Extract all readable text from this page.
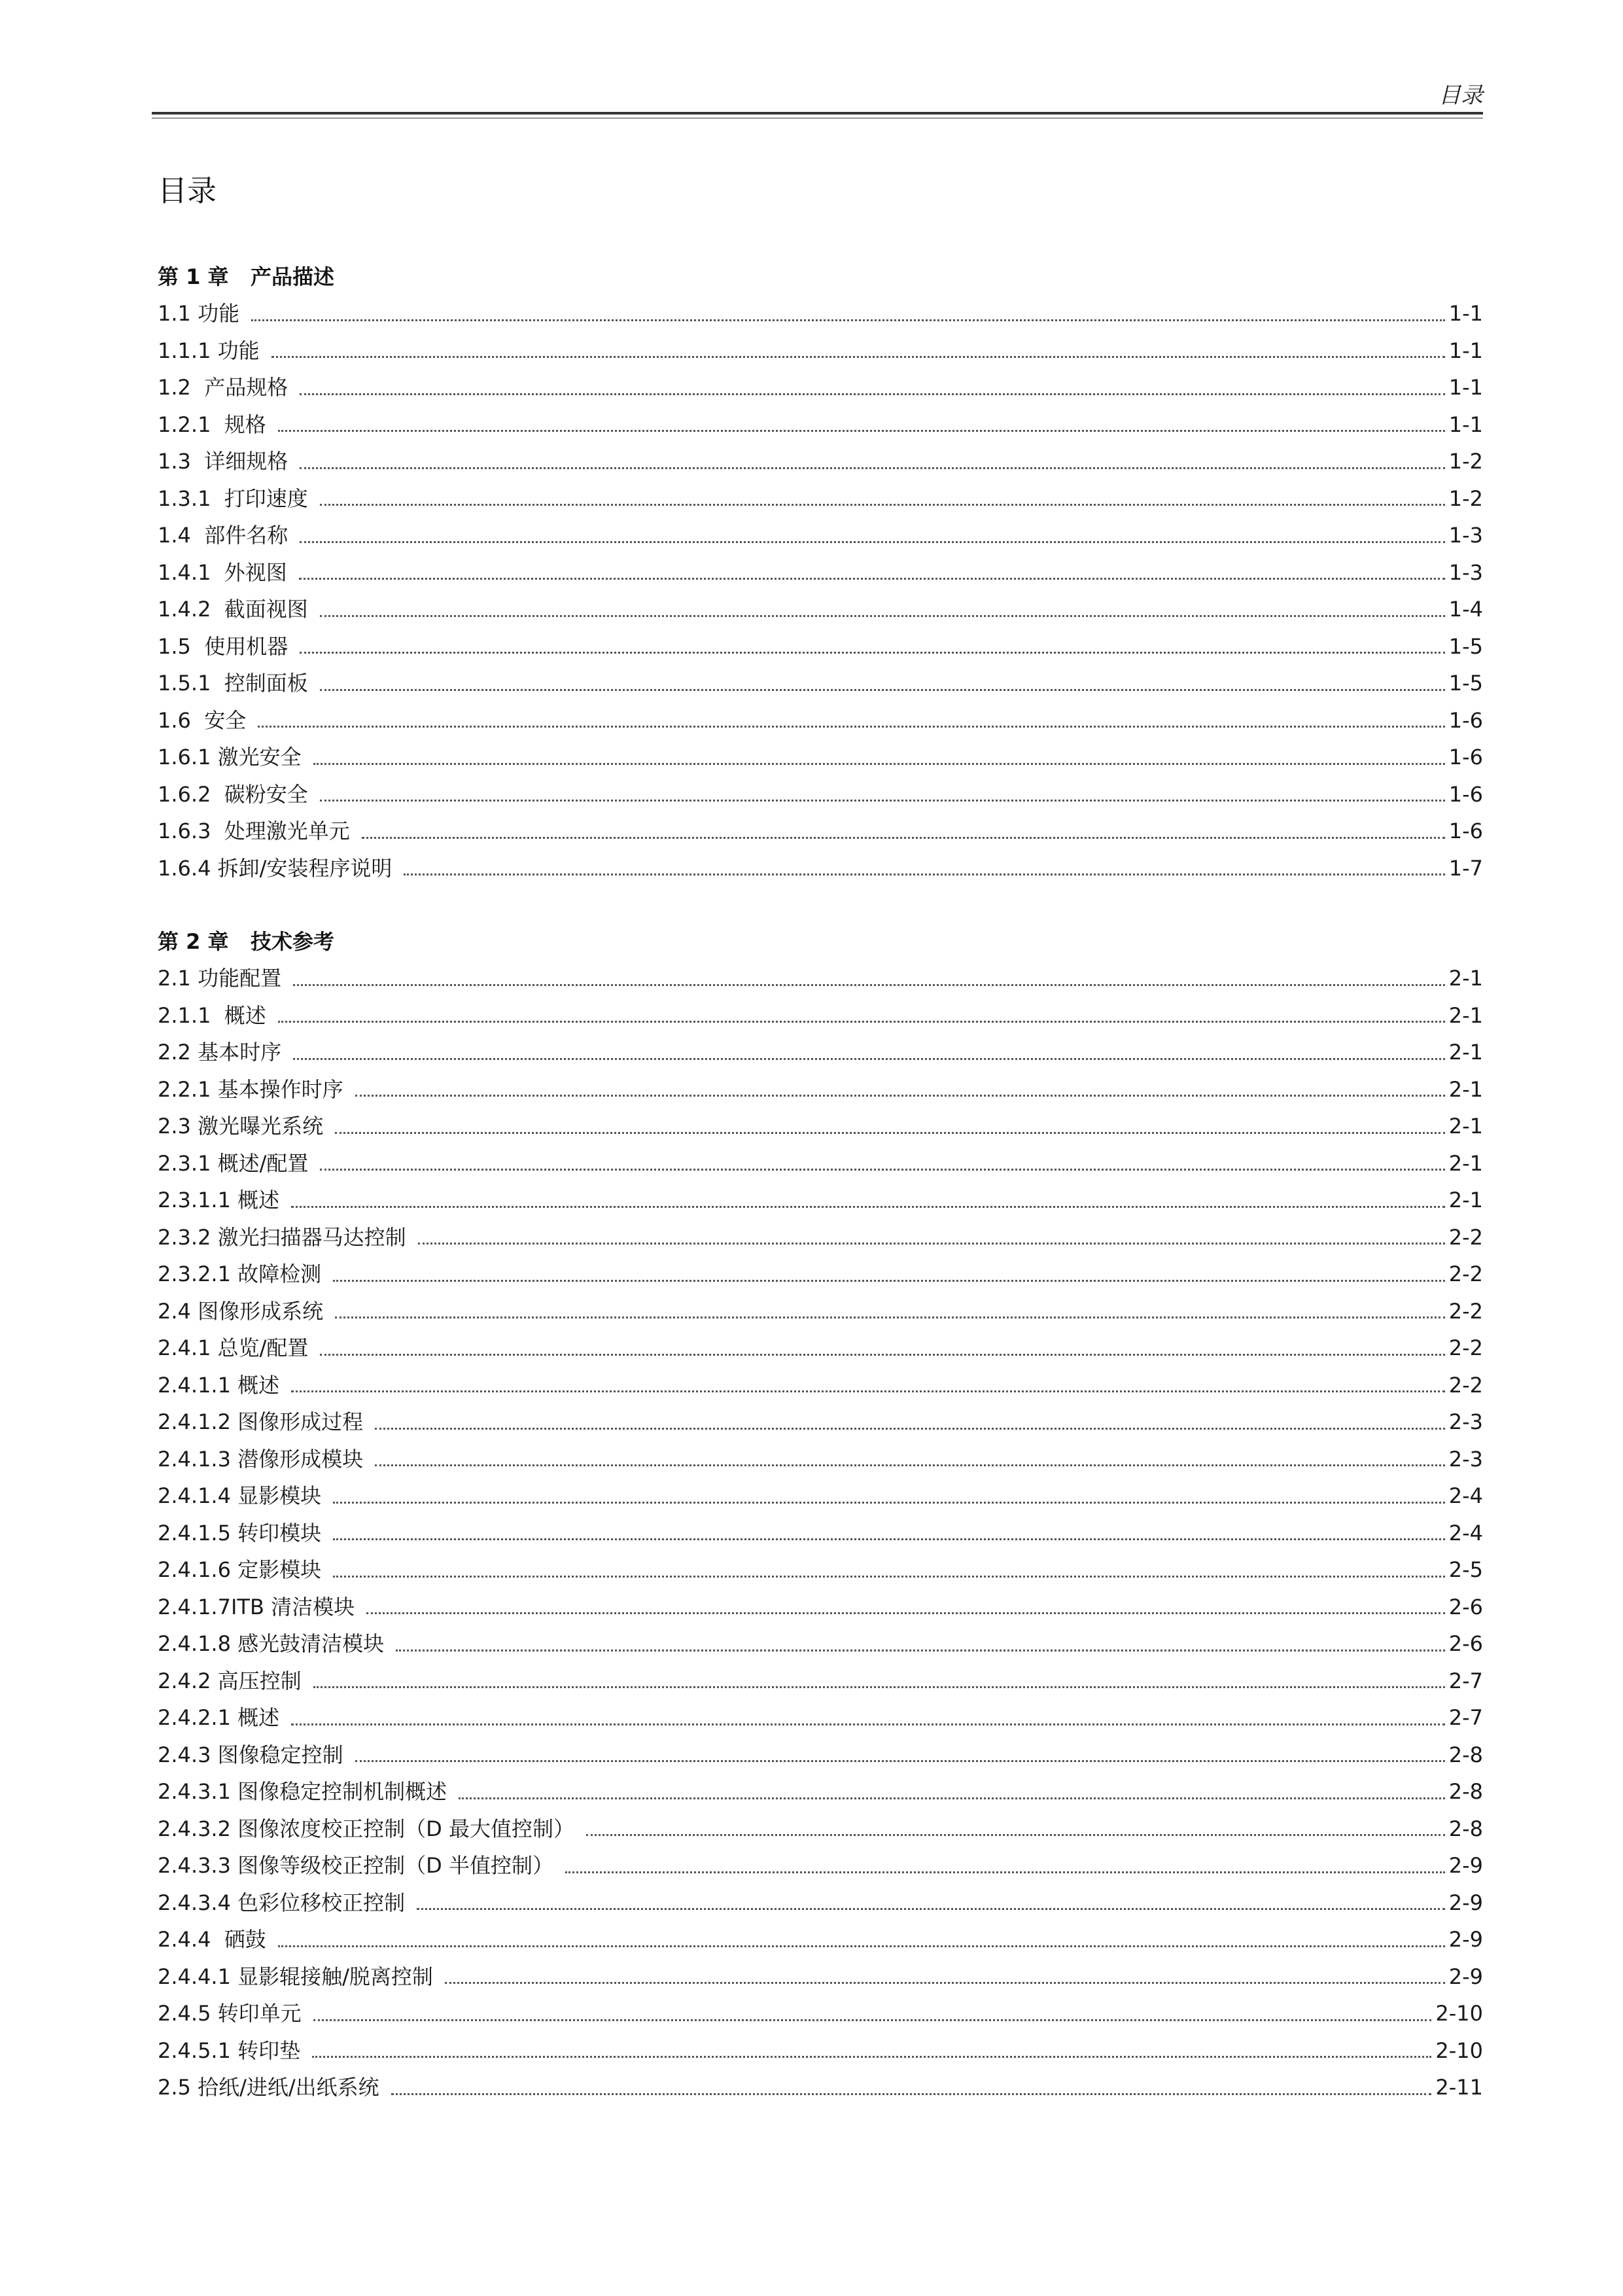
目录
目录
第 1 章   产品描述
1.1 功能	1-1
1.1.1 功能	1-1
1.2  产品规格	1-1
1.2.1  规格	1-1
1.3  详细规格	1-2
1.3.1  打印速度	1-2
1.4  部件名称	1-3
1.4.1  外视图	1-3
1.4.2  截面视图	1-4
1.5  使用机器	1-5
1.5.1  控制面板	1-5
1.6  安全	1-6
1.6.1 激光安全	1-6
1.6.2  碳粉安全	1-6
1.6.3  处理激光单元	1-6
1.6.4 拆卸/安装程序说明	1-7
第 2 章   技术参考
2.1 功能配置	2-1
2.1.1  概述	2-1
2.2 基本时序	2-1
2.2.1 基本操作时序	2-1
2.3 激光曝光系统	2-1
2.3.1 概述/配置	2-1
2.3.1.1 概述	2-1
2.3.2 激光扫描器马达控制	2-2
2.3.2.1 故障检测	2-2
2.4 图像形成系统	2-2
2.4.1 总览/配置	2-2
2.4.1.1 概述	2-2
2.4.1.2 图像形成过程	2-3
2.4.1.3 潜像形成模块	2-3
2.4.1.4 显影模块	2-4
2.4.1.5 转印模块	2-4
2.4.1.6 定影模块	2-5
2.4.1.7ITB 清洁模块	2-6
2.4.1.8 感光鼓清洁模块	2-6
2.4.2 高压控制	2-7
2.4.2.1 概述	2-7
2.4.3 图像稳定控制	2-8
2.4.3.1 图像稳定控制机制概述	2-8
2.4.3.2 图像浓度校正控制（D 最大值控制）	2-8
2.4.3.3 图像等级校正控制（D 半值控制）	2-9
2.4.3.4 色彩位移校正控制	2-9
2.4.4  硒鼓	2-9
2.4.4.1 显影辊接触/脱离控制	2-9
2.4.5 转印单元	2-10
2.4.5.1 转印垫	2-10
2.5 拾纸/进纸/出纸系统	2-11
